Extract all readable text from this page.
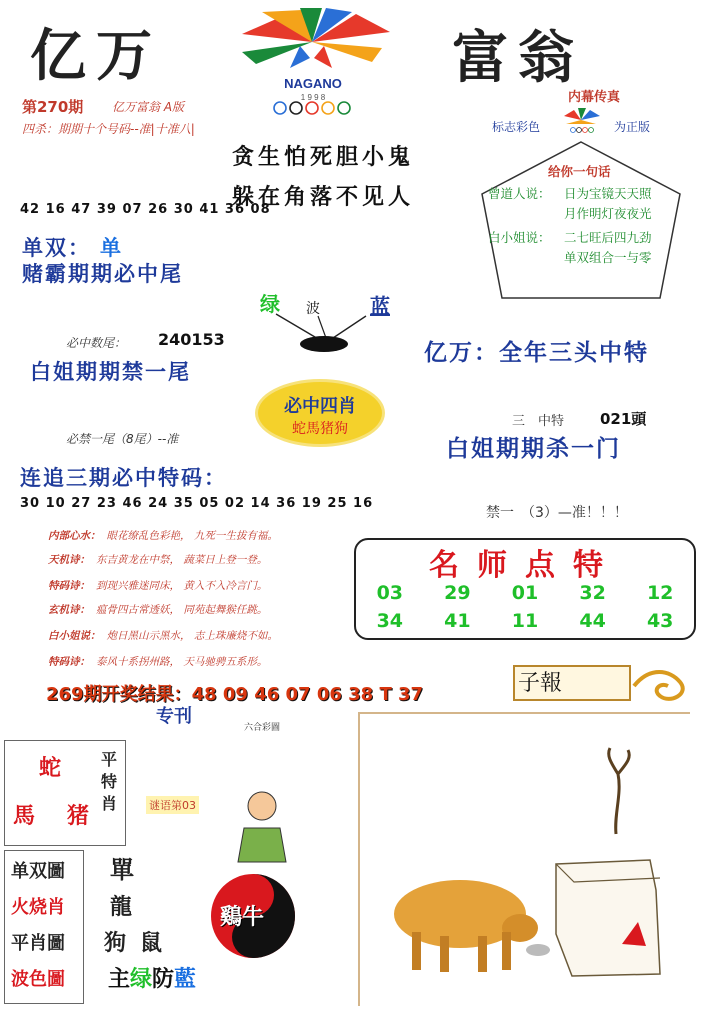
亿万	富翁
NAGANO
1 9 9 8
第270期 亿万富翁 A版
四杀：期期十个号码--准|十准八|
贪生怕死胆小鬼
躲在角落不见人
内幕传真
标志彩色	为正版
给你一句话
曾道人说： 日为宝镜天天照
月作明灯夜夜光
白小姐说： 二七旺后四九劲
单双组合一与零
42 16 47 39 07 26 30 41 36 08
单双： 单
赌霸期期必中尾
绿 波	蓝
必中数尾： 240153
白姐期期禁一尾
亿万：全年三头中特
必中四肖
蛇馬猪狗
必禁一尾（8尾）--准
三　中特 021頭
白姐期期杀一门
连追三期必中特码：
30 10 27 23 46 24 35 05 02 14 36 19 25 16
禁一　（3）—准！！！
内部心水： 眼花缭乱色彩艳， 九死一生拔有福。
天机诗： 东吉黄龙在中祭， 蔬菜日上登一登。
特码诗： 到现兴雅迷同床， 黄入不入冷言门。
玄机诗： 瘟骨四古常透妖， 同苑起舞猴任跳。
白小姐说： 炮日黑山示黑水， 志上珠廉烧不如。
特码诗： 泰风十系拐州路， 天马驰骋五系形。
名师点特
03 29 01 32 12
34 41 11 44 43
269期开奖结果：48 09 46 07 06 38 T 37
专刊
六合彩圖
子報
蛇
馬 猪
平特肖	谜语第03
单双圖
火烧肖
平肖圖
波色圖
單
龍
狗 鼠
鷄牛
主绿防藍
